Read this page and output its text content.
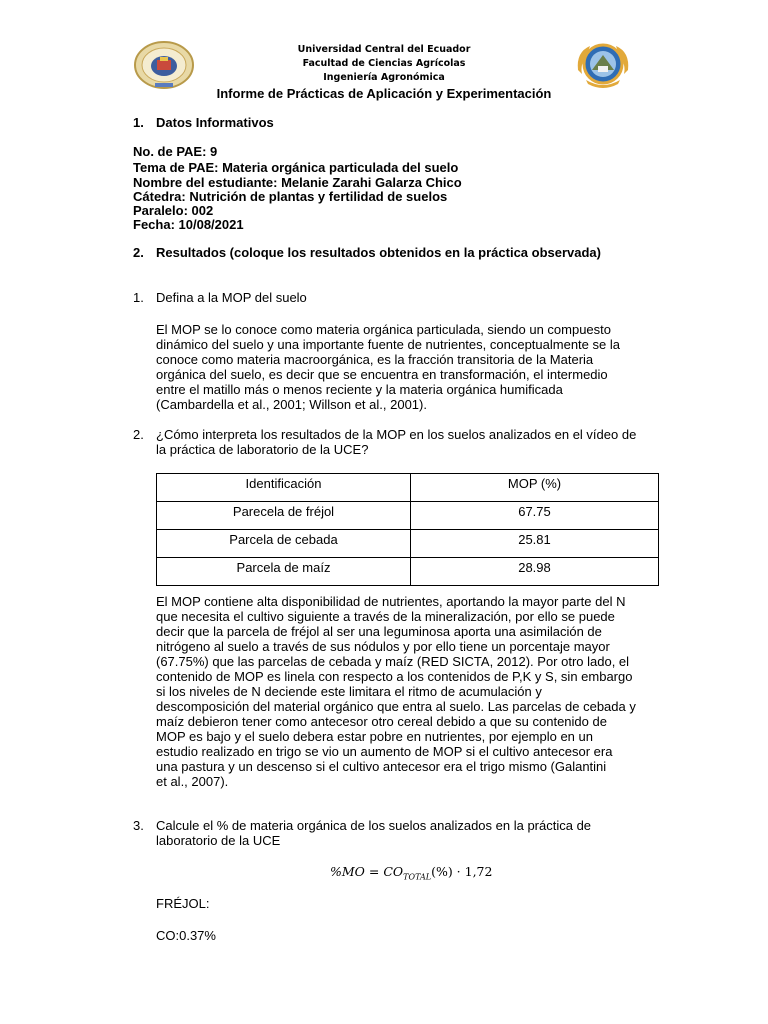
Universidad Central del Ecuador
Facultad de Ciencias Agrícolas
Ingeniería Agronómica
Informe de Prácticas de Aplicación y Experimentación
1. Datos Informativos
No. de PAE: 9
Tema de PAE: Materia orgánica particulada del suelo
Nombre del estudiante: Melanie Zarahi Galarza Chico
Cátedra: Nutrición de plantas y fertilidad de suelos
Paralelo: 002
Fecha: 10/08/2021
2. Resultados (coloque los resultados obtenidos en la práctica observada)
1. Defina a la MOP del suelo
El MOP se lo conoce como materia orgánica particulada, siendo un compuesto
dinámico del suelo y una importante fuente de nutrientes, conceptualmente se la
conoce como materia macroorgánica, es la fracción transitoria de la Materia
orgánica del suelo, es decir que se encuentra en transformación, el intermedio
entre el matillo más o menos reciente y la materia orgánica humificada
(Cambardella et al., 2001; Willson et al., 2001).
2. ¿Cómo interpreta los resultados de la MOP en los suelos analizados en el vídeo de
la práctica de laboratorio de la UCE?
Identificación	MOP (%)
Parecela de fréjol	67.75
Parcela de cebada	25.81
Parcela de maíz	28.98
El MOP contiene alta disponibilidad de nutrientes, aportando la mayor parte del N
que necesita el cultivo siguiente a través de la mineralización, por ello se puede
decir que la parcela de fréjol al ser una leguminosa aporta una asimilación de
nitrógeno al suelo a través de sus nódulos y por ello tiene un porcentaje mayor
(67.75%) que las parcelas de cebada y maíz (RED SICTA, 2012). Por otro lado, el
contenido de MOP es linela con respecto a los contenidos de P,K y S, sin embargo
si los niveles de N deciende este limitara el ritmo de acumulación y
descomposición del material orgánico que entra al suelo. Las parcelas de cebada y
maíz debieron tener como antecesor otro cereal debido a que su contenido de
MOP es bajo y el suelo debera estar pobre en nutrientes, por ejemplo en un
estudio realizado en trigo se vio un aumento de MOP si el cultivo antecesor era
una pastura y un descenso si el cultivo antecesor era el trigo mismo (Galantini
et al., 2007).
3. Calcule el % de materia orgánica de los suelos analizados en la práctica de
laboratorio de la UCE
$\%MO = CO_{TOTAL}(\%) \cdot 1,72$
FRÉJOL:
CO:0.37%
